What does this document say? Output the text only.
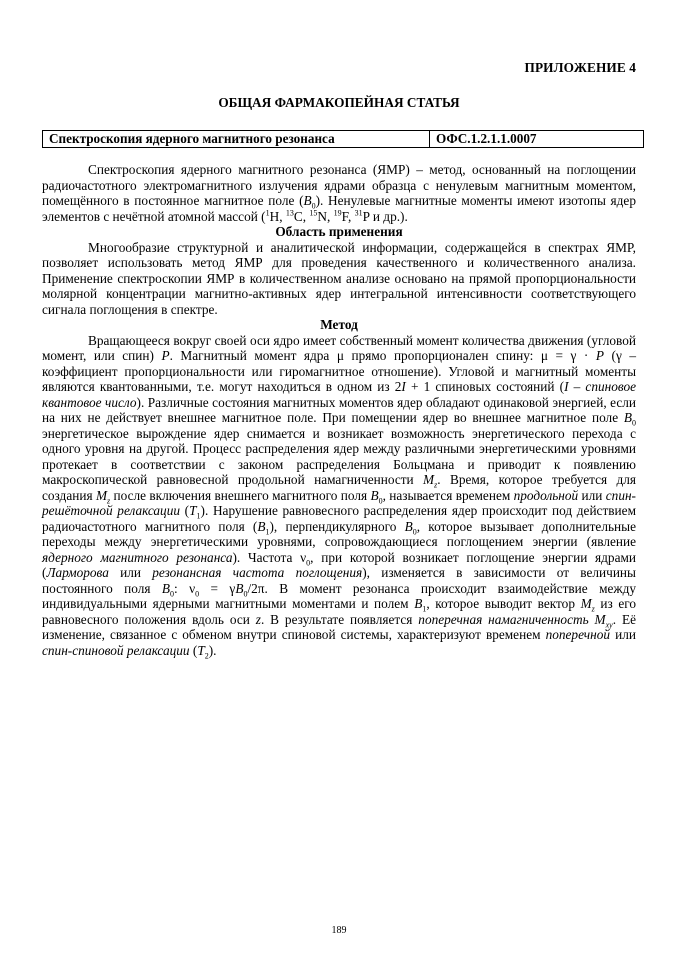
ПРИЛОЖЕНИЕ 4
ОБЩАЯ ФАРМАКОПЕЙНАЯ СТАТЬЯ
Спектроскопия ядерного магнитного резонанса	ОФС.1.2.1.1.0007

Спектроскопия ядерного магнитного резонанса (ЯМР) – метод, основанный на поглощении радиочастотного электромагнитного излучения ядрами образца с ненулевым магнитным моментом, помещённого в постоянное магнитное поле $(B_0)$. Ненулевые магнитные моменты имеют изотопы ядер элементов с нечётной атомной массой ($^1$H, $^{13}$C, $^{15}$N, $^{19}$F, $^{31}$P и др.).

Область применения

Многообразие структурной и аналитической информации, содержащейся в спектрах ЯМР, позволяет использовать метод ЯМР для проведения качественного и количественного анализа. Применение спектроскопии ЯМР в количественном анализе основано на прямой пропорциональности молярной концентрации магнитно-активных ядер интегральной интенсивности соответствующего сигнала поглощения в спектре.

Метод

Вращающееся вокруг своей оси ядро имеет собственный момент количества движения (угловой момент, или спин) P. Магнитный момент ядра μ прямо пропорционален спину: μ = γ · P (γ – коэффициент пропорциональности или гиромагнитное отношение). Угловой и магнитный моменты являются квантованными, т.е. могут находиться в одном из 2I + 1 спиновых состояний (I – спиновое квантовое число). Различные состояния магнитных моментов ядер обладают одинаковой энергией, если на них не действует внешнее магнитное поле. При помещении ядер во внешнее магнитное поле $B_0$ энергетическое вырождение ядер снимается и возникает возможность энергетического перехода с одного уровня на другой. Процесс распределения ядер между различными энергетическими уровнями протекает в соответствии с законом распределения Больцмана и приводит к появлению макроскопической равновесной продольной намагниченности $M_z$. Время, которое требуется для создания $M_z$ после включения внешнего магнитного поля $B_0$, называется временем продольной или спин-решёточной релаксации $(T_1)$. Нарушение равновесного распределения ядер происходит под действием радиочастотного магнитного поля $(B_1)$, перпендикулярного $B_0$, которое вызывает дополнительные переходы между энергетическими уровнями, сопровождающиеся поглощением энергии (явление ядерного магнитного резонанса). Частота $\nu_0$, при которой возникает поглощение энергии ядрами (Ларморова или резонансная частота поглощения), изменяется в зависимости от величины постоянного поля $B_0$: $\nu_0 = \gamma B_0/2\pi$. В момент резонанса происходит взаимодействие между индивидуальными ядерными магнитными моментами и полем $B_1$, которое выводит вектор $M_z$ из его равновесного положения вдоль оси z. В результате появляется поперечная намагниченность $M_{xy}$. Её изменение, связанное с обменом внутри спиновой системы, характеризуют временем поперечной или спин-спиновой релаксации $(T_2)$.

189
